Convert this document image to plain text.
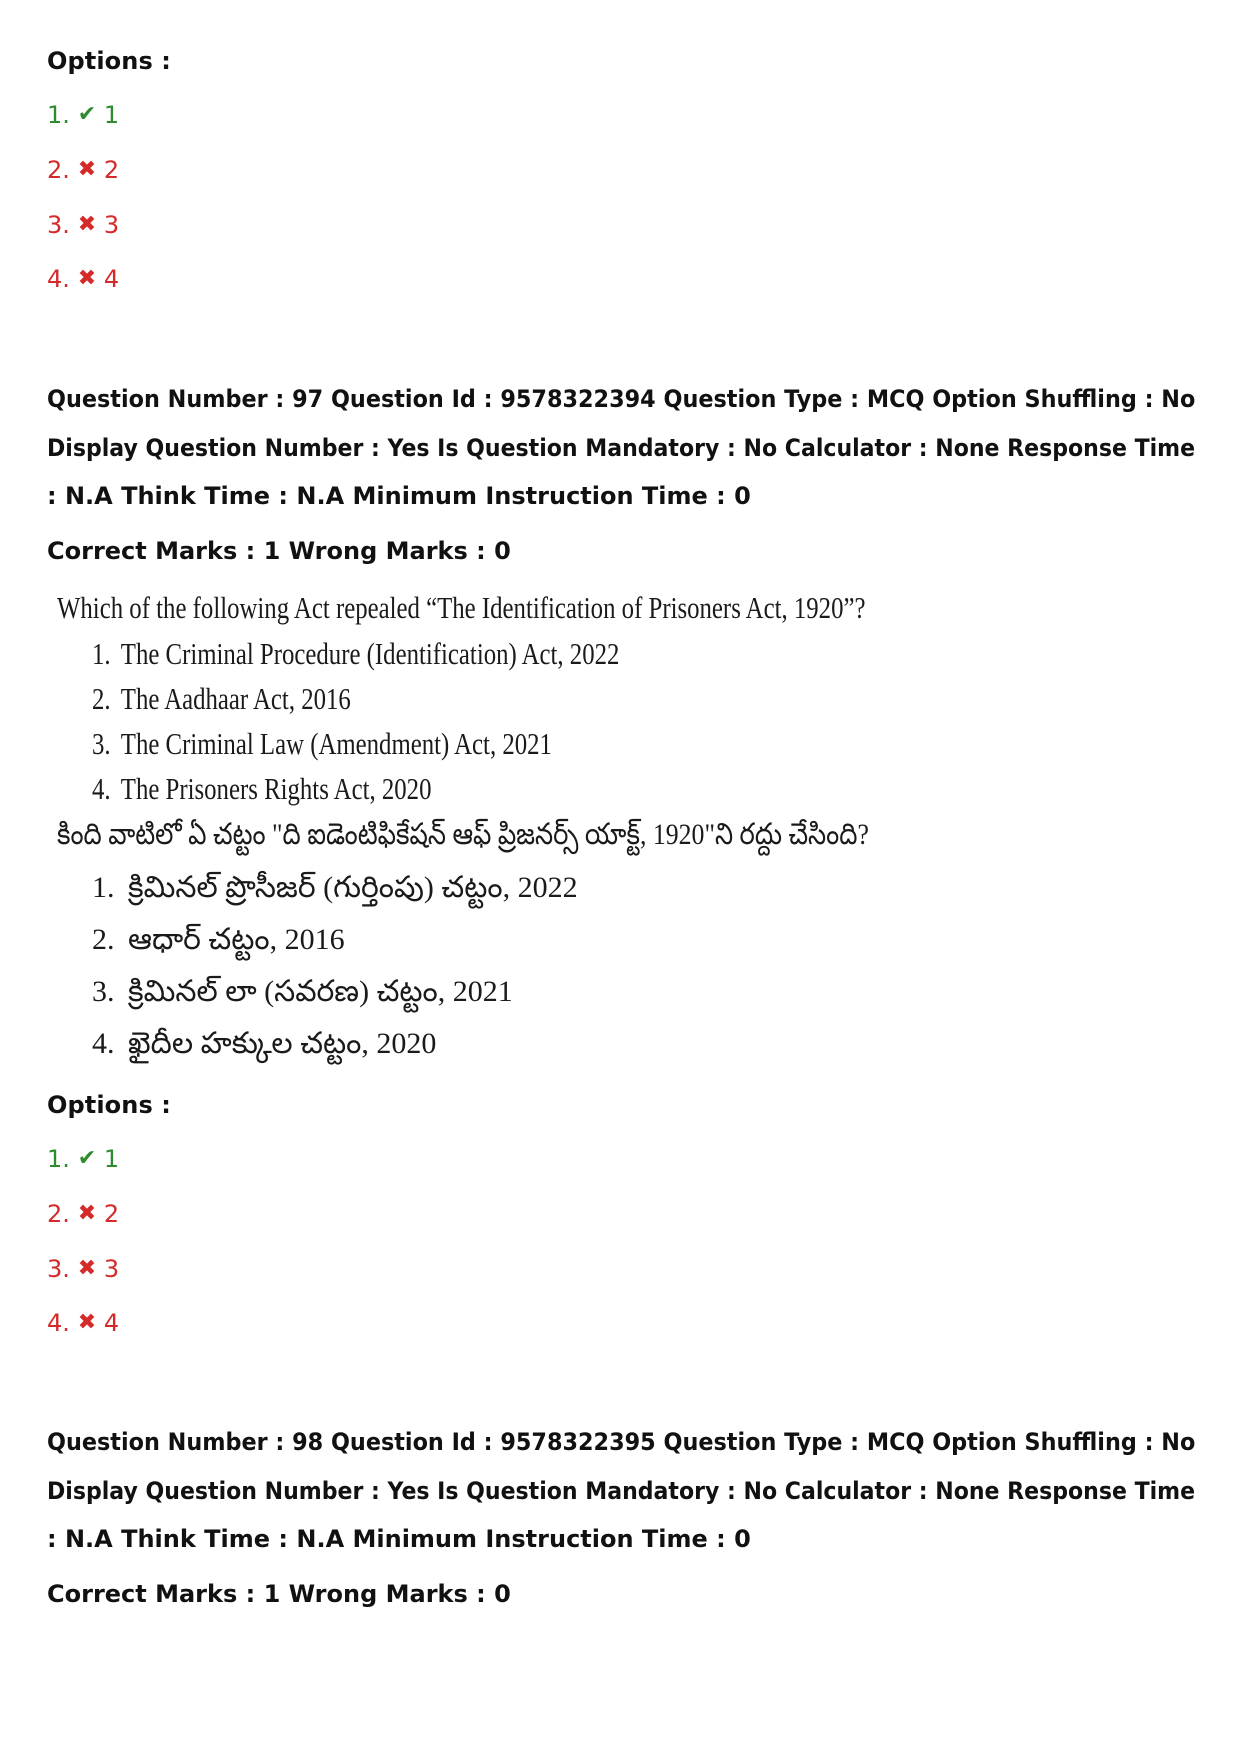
Options :
1. ✔ 1
2. ✖ 2
3. ✖ 3
4. ✖ 4
Question Number : 97 Question Id : 9578322394 Question Type : MCQ Option Shuffling : No
Display Question Number : Yes Is Question Mandatory : No Calculator : None Response Time
: N.A Think Time : N.A Minimum Instruction Time : 0
Correct Marks : 1 Wrong Marks : 0
Which of the following Act repealed “The Identification of Prisoners Act, 1920”?
1. The Criminal Procedure (Identification) Act, 2022
2. The Aadhaar Act, 2016
3. The Criminal Law (Amendment) Act, 2021
4. The Prisoners Rights Act, 2020
కింది వాటిలో ఏ చట్టం "ది ఐడెంటిఫికేషన్ ఆఫ్ ప్రిజనర్స్ యాక్ట్, 1920"ని రద్దు చేసింది?
1. క్రిమినల్ ప్రొసీజర్ (గుర్తింపు) చట్టం, 2022
2. ఆధార్ చట్టం, 2016
3. క్రిమినల్ లా (సవరణ) చట్టం, 2021
4. ఖైదీల హక్కుల చట్టం, 2020
Options :
1. ✔ 1
2. ✖ 2
3. ✖ 3
4. ✖ 4
Question Number : 98 Question Id : 9578322395 Question Type : MCQ Option Shuffling : No
Display Question Number : Yes Is Question Mandatory : No Calculator : None Response Time
: N.A Think Time : N.A Minimum Instruction Time : 0
Correct Marks : 1 Wrong Marks : 0
